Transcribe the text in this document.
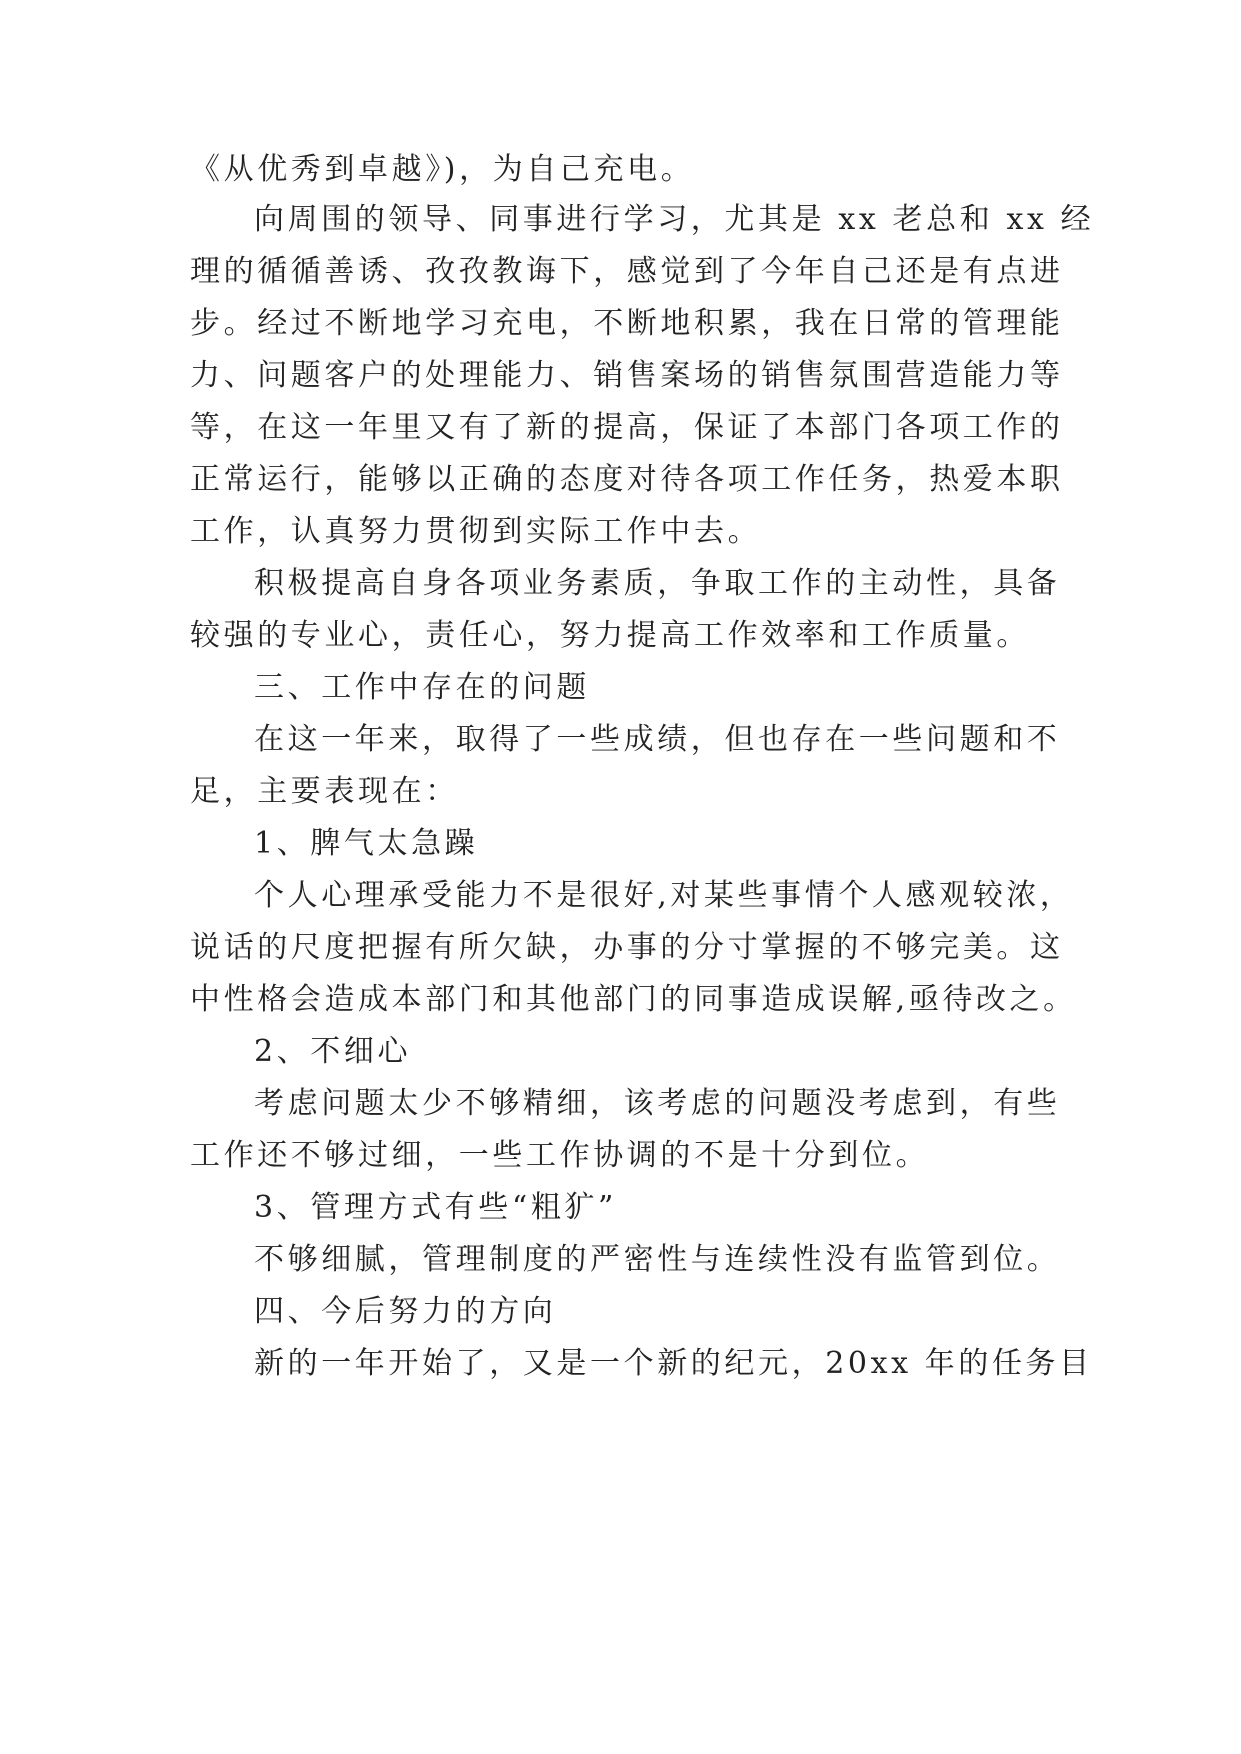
《从优秀到卓越》)，为自己充电。
向周围的领导、同事进行学习，尤其是 xx 老总和 xx 经
理的循循善诱、孜孜教诲下，感觉到了今年自己还是有点进
步。经过不断地学习充电，不断地积累，我在日常的管理能
力、问题客户的处理能力、销售案场的销售氛围营造能力等
等，在这一年里又有了新的提高，保证了本部门各项工作的
正常运行，能够以正确的态度对待各项工作任务，热爱本职
工作，认真努力贯彻到实际工作中去。
积极提高自身各项业务素质，争取工作的主动性，具备
较强的专业心，责任心，努力提高工作效率和工作质量。
三、工作中存在的问题
在这一年来，取得了一些成绩，但也存在一些问题和不
足，主要表现在：
1、脾气太急躁
个人心理承受能力不是很好,对某些事情个人感观较浓，
说话的尺度把握有所欠缺，办事的分寸掌握的不够完美。这
中性格会造成本部门和其他部门的同事造成误解,亟待改之。
2、不细心
考虑问题太少不够精细，该考虑的问题没考虑到，有些
工作还不够过细，一些工作协调的不是十分到位。
3、管理方式有些“粗犷”
不够细腻，管理制度的严密性与连续性没有监管到位。
四、今后努力的方向
新的一年开始了，又是一个新的纪元，20xx 年的任务目
